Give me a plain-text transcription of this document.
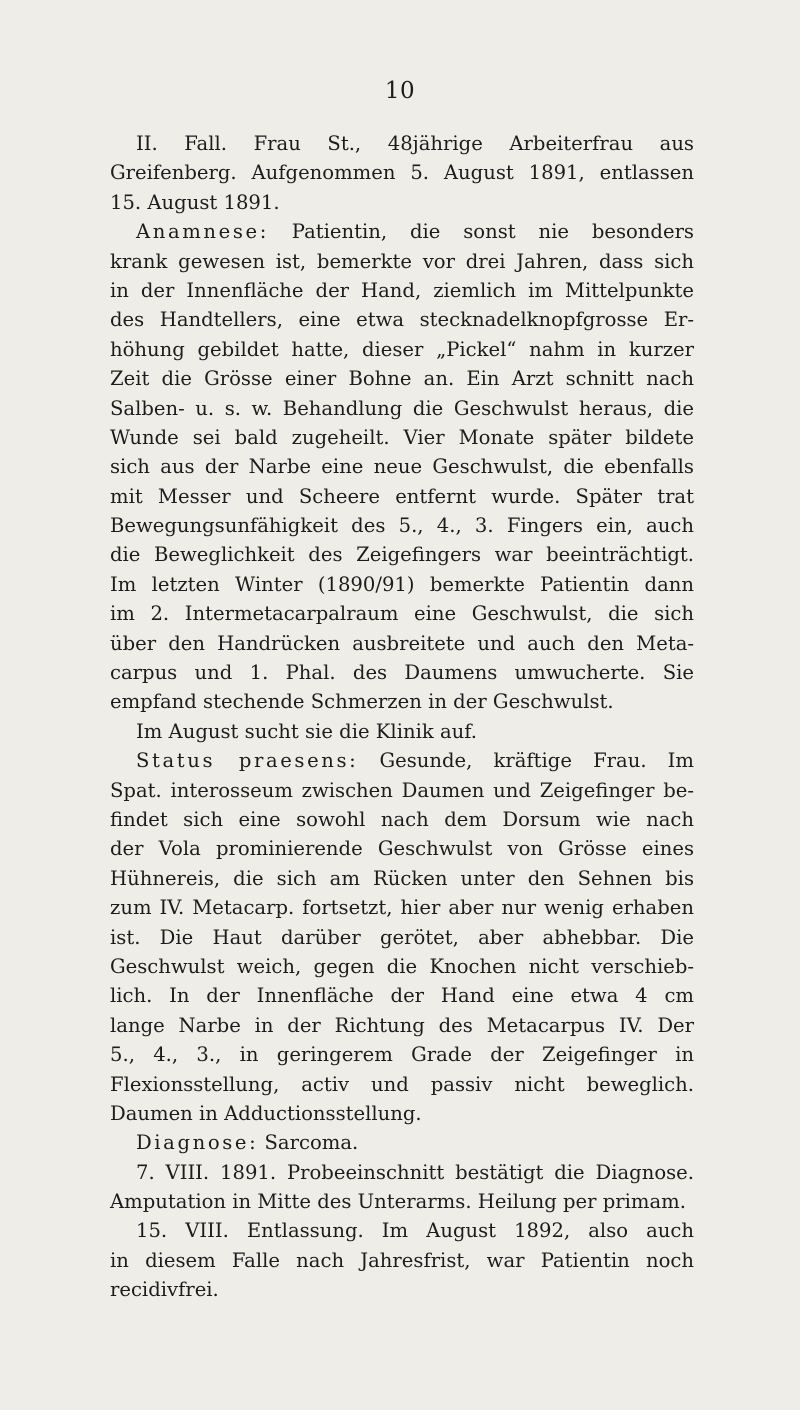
10
II. Fall. Frau St., 48jährige Arbeiterfrau aus
Greifenberg. Aufgenommen 5. August 1891, entlassen
15. August 1891.
Anamnese: Patientin, die sonst nie besonders
krank gewesen ist, bemerkte vor drei Jahren, dass sich
in der Innenfläche der Hand, ziemlich im Mittelpunkte
des Handtellers, eine etwa stecknadelknopfgrosse Er-
höhung gebildet hatte, dieser „Pickel“ nahm in kurzer
Zeit die Grösse einer Bohne an. Ein Arzt schnitt nach
Salben- u. s. w. Behandlung die Geschwulst heraus, die
Wunde sei bald zugeheilt. Vier Monate später bildete
sich aus der Narbe eine neue Geschwulst, die ebenfalls
mit Messer und Scheere entfernt wurde. Später trat
Bewegungsunfähigkeit des 5., 4., 3. Fingers ein, auch
die Beweglichkeit des Zeigefingers war beeinträchtigt.
Im letzten Winter (1890/91) bemerkte Patientin dann
im 2. Intermetacarpalraum eine Geschwulst, die sich
über den Handrücken ausbreitete und auch den Meta-
carpus und 1. Phal. des Daumens umwucherte. Sie
empfand stechende Schmerzen in der Geschwulst.
Im August sucht sie die Klinik auf.
Status praesens: Gesunde, kräftige Frau. Im
Spat. interosseum zwischen Daumen und Zeigefinger be-
findet sich eine sowohl nach dem Dorsum wie nach
der Vola prominierende Geschwulst von Grösse eines
Hühnereis, die sich am Rücken unter den Sehnen bis
zum IV. Metacarp. fortsetzt, hier aber nur wenig erhaben
ist. Die Haut darüber gerötet, aber abhebbar. Die
Geschwulst weich, gegen die Knochen nicht verschieb-
lich. In der Innenfläche der Hand eine etwa 4 cm
lange Narbe in der Richtung des Metacarpus IV. Der
5., 4., 3., in geringerem Grade der Zeigefinger in
Flexionsstellung, activ und passiv nicht beweglich.
Daumen in Adductionsstellung.
Diagnose: Sarcoma.
7. VIII. 1891. Probeeinschnitt bestätigt die Diagnose.
Amputation in Mitte des Unterarms. Heilung per primam.
15. VIII. Entlassung. Im August 1892, also auch
in diesem Falle nach Jahresfrist, war Patientin noch
recidivfrei.
